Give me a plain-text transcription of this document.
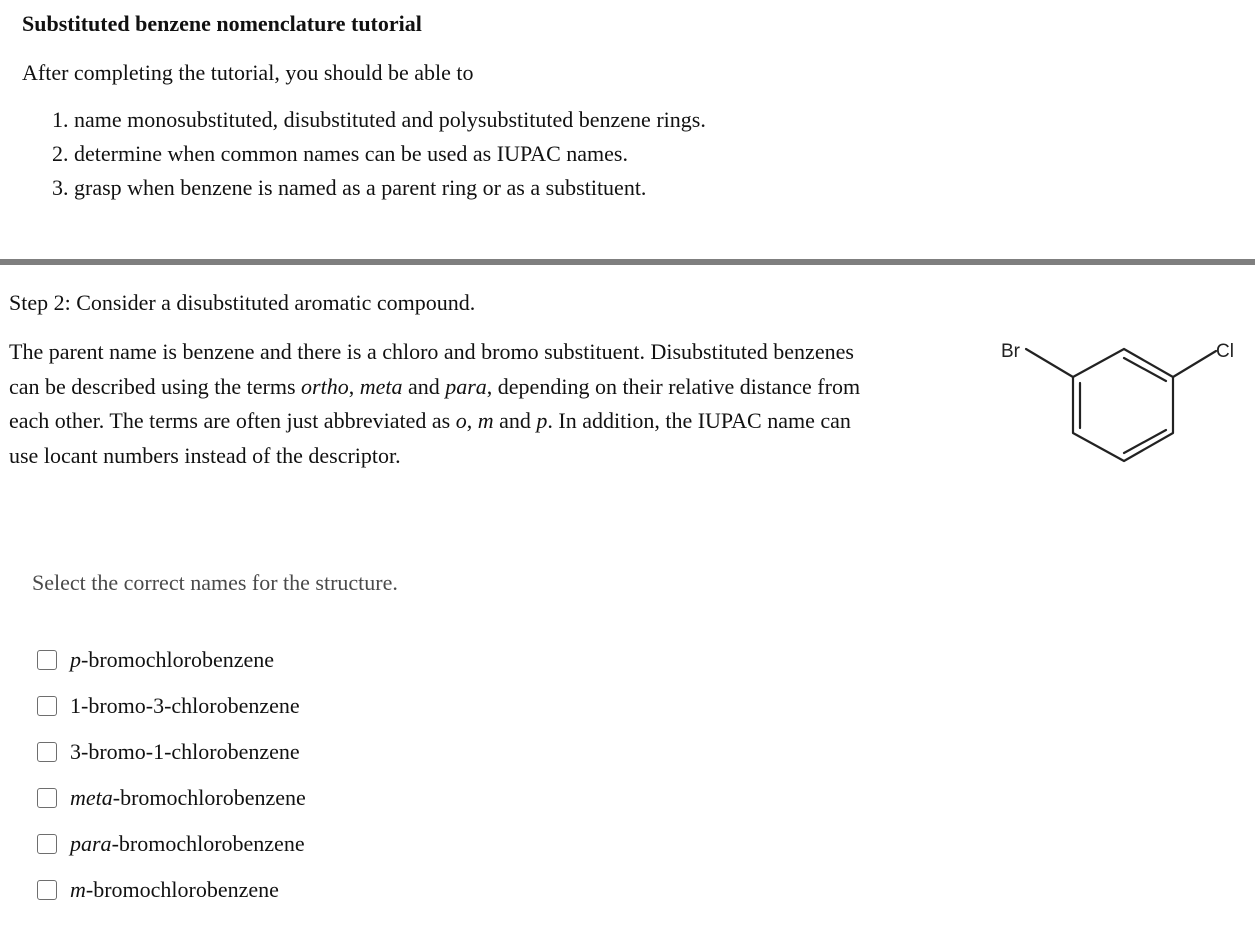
Substituted benzene nomenclature tutorial
After completing the tutorial, you should be able to
1. name monosubstituted, disubstituted and polysubstituted benzene rings.
2. determine when common names can be used as IUPAC names.
3. grasp when benzene is named as a parent ring or as a substituent.
Step 2: Consider a disubstituted aromatic compound.

The parent name is benzene and there is a chloro and bromo substituent. Disubstituted benzenes
can be described using the terms ortho, meta and para, depending on their relative distance from
each other. The terms are often just abbreviated as o, m and p. In addition, the IUPAC name can
use locant numbers instead of the descriptor.

Br	Cl
Select the correct names for the structure.
p-bromochlorobenzene
1-bromo-3-chlorobenzene
3-bromo-1-chlorobenzene
meta-bromochlorobenzene
para-bromochlorobenzene
m-bromochlorobenzene
